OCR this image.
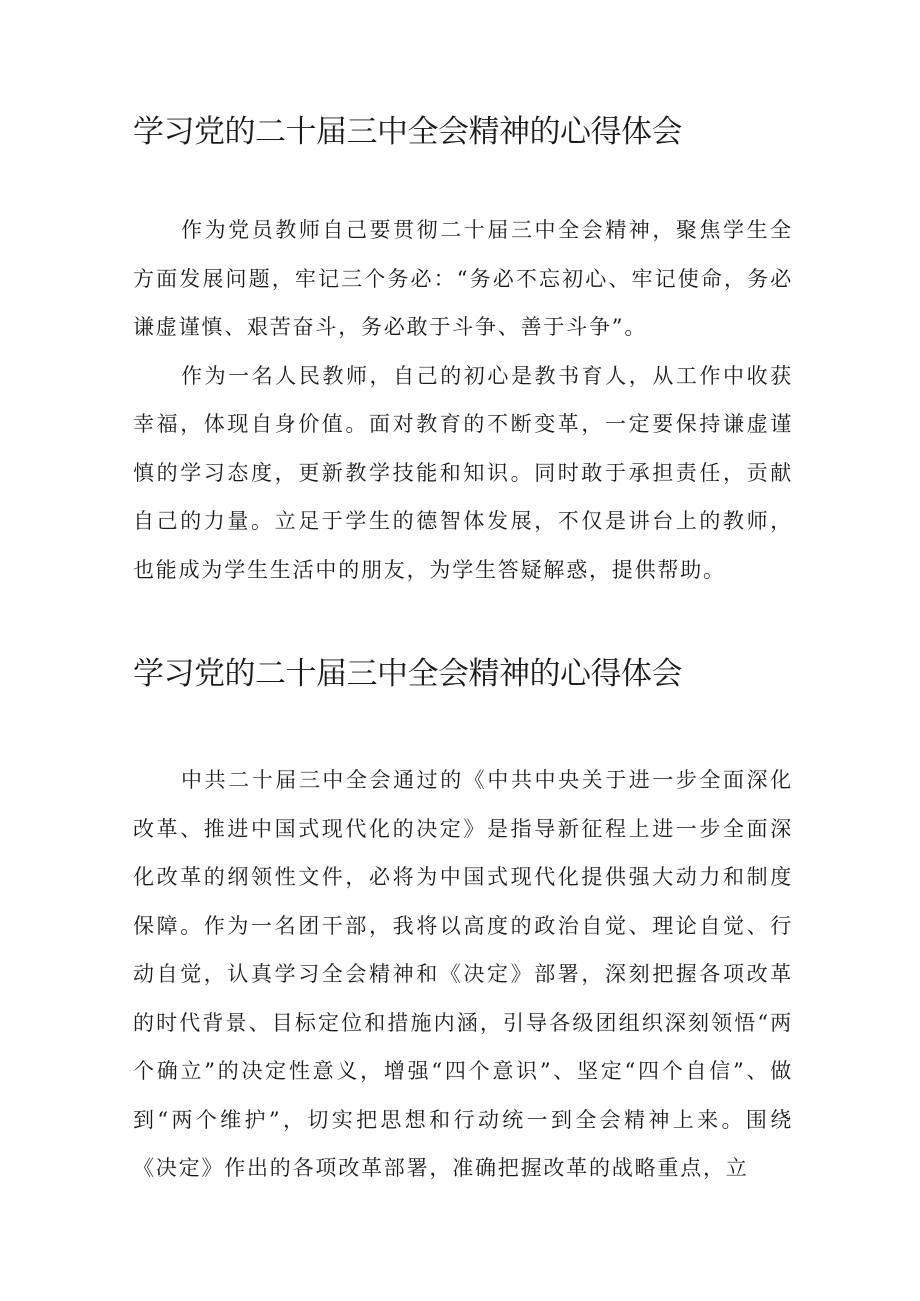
学习党的二十届三中全会精神的心得体会

作为党员教师自己要贯彻二十届三中全会精神，聚焦学生全方面发展问题，牢记三个务必：“务必不忘初心、牢记使命，务必谦虚谨慎、艰苦奋斗，务必敢于斗争、善于斗争”。

作为一名人民教师，自己的初心是教书育人，从工作中收获幸福，体现自身价值。面对教育的不断变革，一定要保持谦虚谨慎的学习态度，更新教学技能和知识。同时敢于承担责任，贡献自己的力量。立足于学生的德智体发展，不仅是讲台上的教师，也能成为学生生活中的朋友，为学生答疑解惑，提供帮助。

学习党的二十届三中全会精神的心得体会

中共二十届三中全会通过的《中共中央关于进一步全面深化改革、推进中国式现代化的决定》是指导新征程上进一步全面深化改革的纲领性文件，必将为中国式现代化提供强大动力和制度保障。作为一名团干部，我将以高度的政治自觉、理论自觉、行动自觉，认真学习全会精神和《决定》部署，深刻把握各项改革的时代背景、目标定位和措施内涵，引导各级团组织深刻领悟“两个确立”的决定性意义，增强“四个意识”、坚定“四个自信”、做到“两个维护”，切实把思想和行动统一到全会精神上来。围绕《决定》作出的各项改革部署，准确把握改革的战略重点，立
